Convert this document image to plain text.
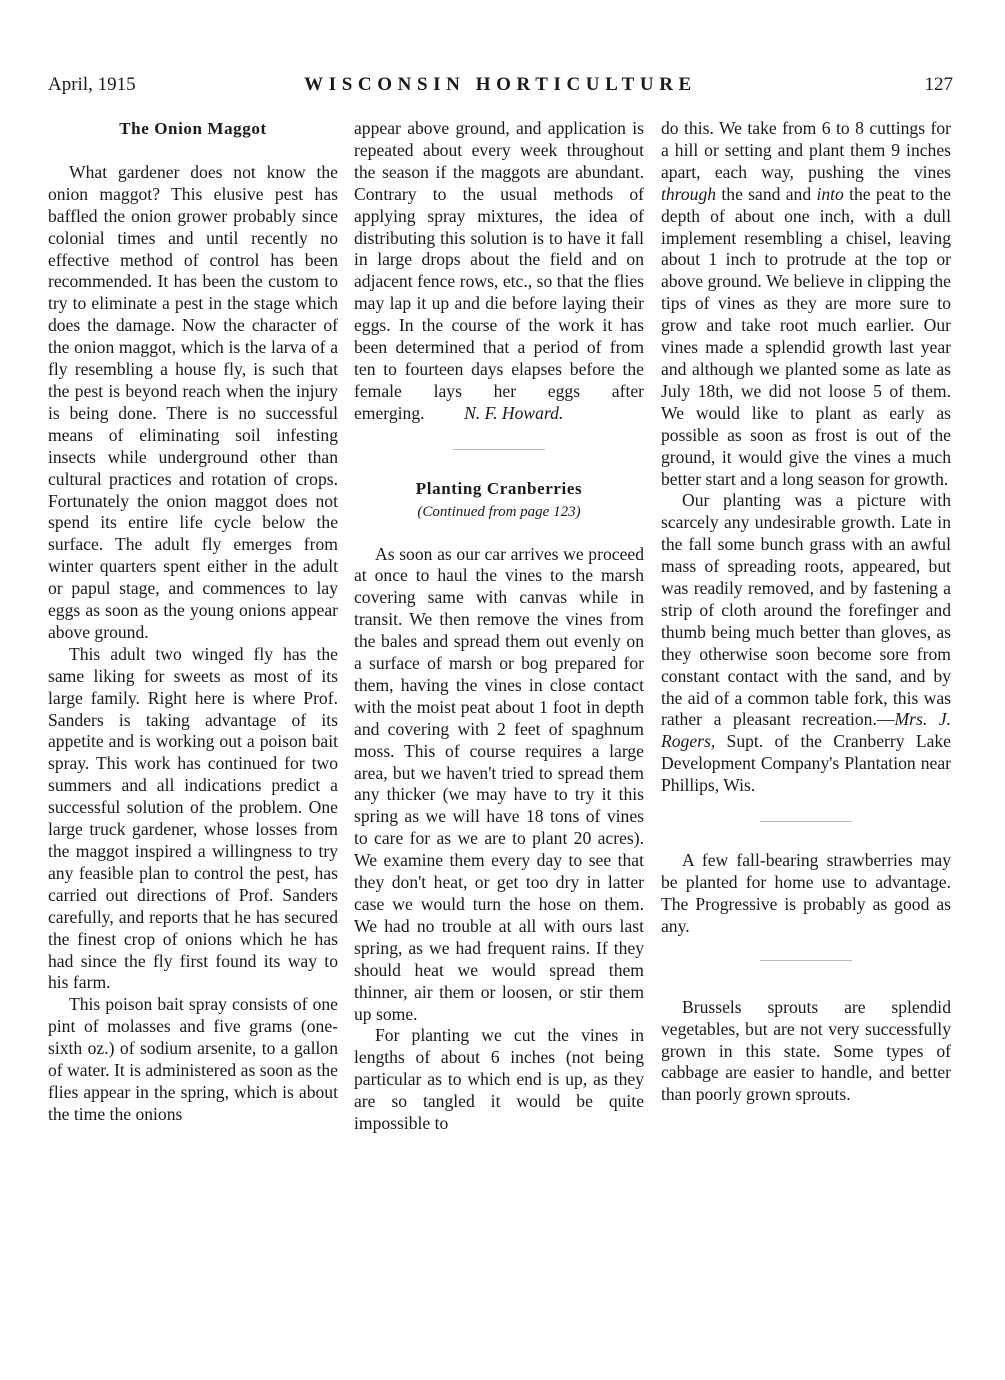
April, 1915	WISCONSIN HORTICULTURE	127
The Onion Maggot

What gardener does not know the onion maggot? This elusive pest has baffled the onion grower probably since colonial times and until recently no effective method of control has been recommended. It has been the custom to try to eliminate a pest in the stage which does the damage. Now the character of the onion maggot, which is the larva of a fly resembling a house fly, is such that the pest is beyond reach when the injury is being done. There is no successful means of eliminating soil infesting insects while underground other than cultural practices and rotation of crops. Fortunately the onion maggot does not spend its entire life cycle below the surface. The adult fly emerges from winter quarters spent either in the adult or papul stage, and commences to lay eggs as soon as the young onions appear above ground.

This adult two winged fly has the same liking for sweets as most of its large family. Right here is where Prof. Sanders is taking advantage of its appetite and is working out a poison bait spray. This work has continued for two summers and all indications predict a successful solution of the problem. One large truck gardener, whose losses from the maggot inspired a willingness to try any feasible plan to control the pest, has carried out directions of Prof. Sanders carefully, and reports that he has secured the finest crop of onions which he has had since the fly first found its way to his farm.

This poison bait spray consists of one pint of molasses and five grams (one-sixth oz.) of sodium arsenite, to a gallon of water. It is administered as soon as the flies appear in the spring, which is about the time the onions

appear above ground, and application is repeated about every week throughout the season if the maggots are abundant. Contrary to the usual methods of applying spray mixtures, the idea of distributing this solution is to have it fall in large drops about the field and on adjacent fence rows, etc., so that the flies may lap it up and die before laying their eggs. In the course of the work it has been determined that a period of from ten to fourteen days elapses before the female lays her eggs after emerging. N. F. Howard.

Planting Cranberries
(Continued from page 123)

As soon as our car arrives we proceed at once to haul the vines to the marsh covering same with canvas while in transit. We then remove the vines from the bales and spread them out evenly on a surface of marsh or bog prepared for them, having the vines in close contact with the moist peat about 1 foot in depth and covering with 2 feet of spaghnum moss. This of course requires a large area, but we haven't tried to spread them any thicker (we may have to try it this spring as we will have 18 tons of vines to care for as we are to plant 20 acres). We examine them every day to see that they don't heat, or get too dry in latter case we would turn the hose on them. We had no trouble at all with ours last spring, as we had frequent rains. If they should heat we would spread them thinner, air them or loosen, or stir them up some.

For planting we cut the vines in lengths of about 6 inches (not being particular as to which end is up, as they are so tangled it would be quite impossible to

do this. We take from 6 to 8 cuttings for a hill or setting and plant them 9 inches apart, each way, pushing the vines through the sand and into the peat to the depth of about one inch, with a dull implement resembling a chisel, leaving about 1 inch to protrude at the top or above ground. We believe in clipping the tips of vines as they are more sure to grow and take root much earlier. Our vines made a splendid growth last year and although we planted some as late as July 18th, we did not loose 5 of them. We would like to plant as early as possible as soon as frost is out of the ground, it would give the vines a much better start and a long season for growth.

Our planting was a picture with scarcely any undesirable growth. Late in the fall some bunch grass with an awful mass of spreading roots, appeared, but was readily removed, and by fastening a strip of cloth around the forefinger and thumb being much better than gloves, as they otherwise soon become sore from constant contact with the sand, and by the aid of a common table fork, this was rather a pleasant recreation.—Mrs. J. Rogers, Supt. of the Cranberry Lake Development Company's Plantation near Phillips, Wis.

A few fall-bearing strawberries may be planted for home use to advantage. The Progressive is probably as good as any.

Brussels sprouts are splendid vegetables, but are not very successfully grown in this state. Some types of cabbage are easier to handle, and better than poorly grown sprouts.
